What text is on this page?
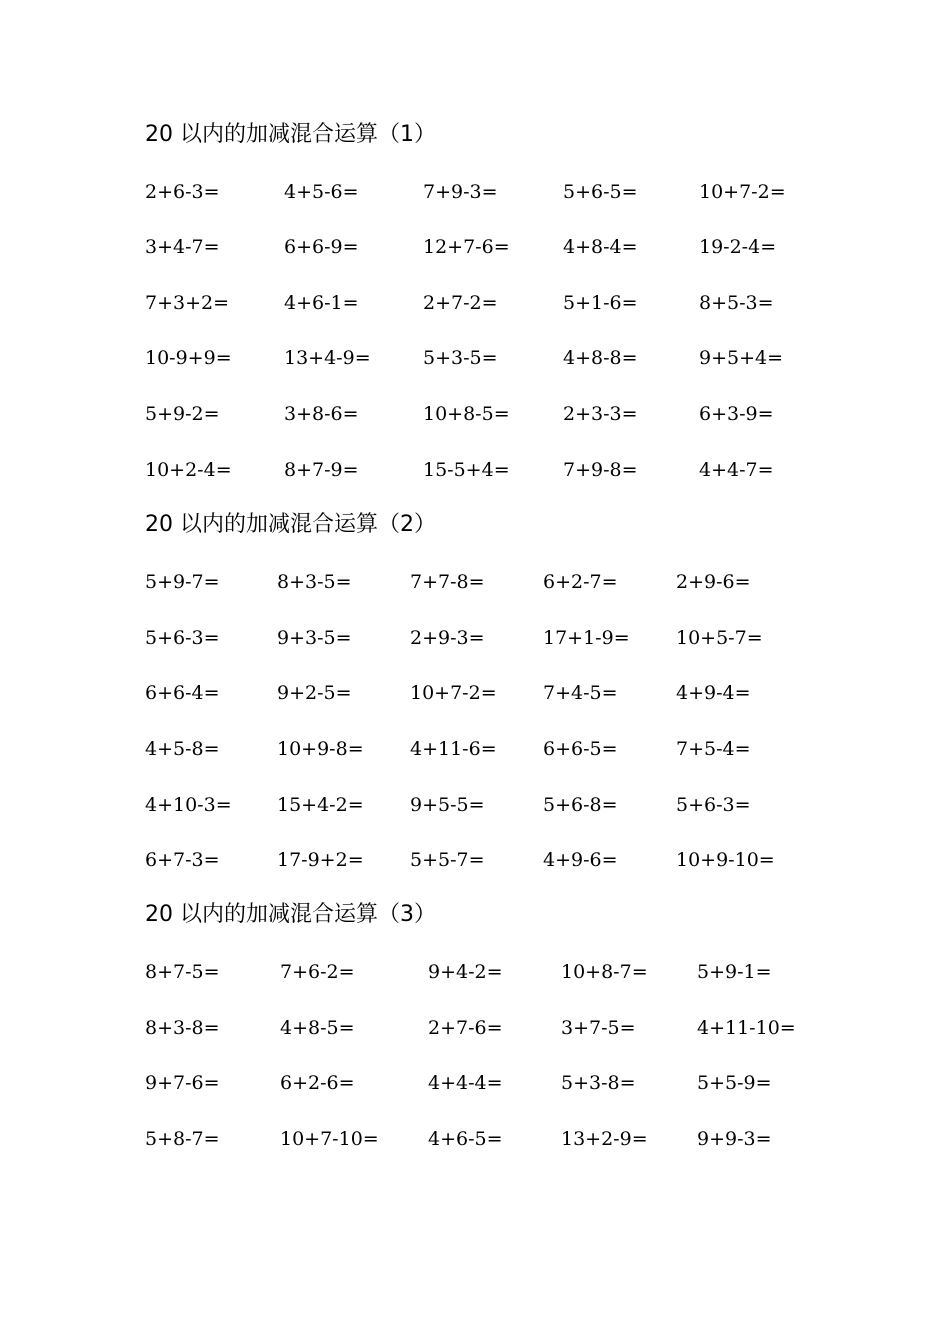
20 以内的加减混合运算（1）
2+6-3=	4+5-6=	7+9-3=	5+6-5=	10+7-2=
3+4-7=	6+6-9=	12+7-6=	4+8-4=	19-2-4=
7+3+2=	4+6-1=	2+7-2=	5+1-6=	8+5-3=
10-9+9=	13+4-9=	5+3-5=	4+8-8=	9+5+4=
5+9-2=	3+8-6=	10+8-5=	2+3-3=	6+3-9=
10+2-4=	8+7-9=	15-5+4=	7+9-8=	4+4-7=
20 以内的加减混合运算（2）
5+9-7=	8+3-5=	7+7-8=	6+2-7=	2+9-6=
5+6-3=	9+3-5=	2+9-3=	17+1-9= 10+5-7=
6+6-4=	9+2-5=	10+7-2= 7+4-5=	4+9-4=
4+5-8=	10+9-8= 4+11-6= 6+6-5=	7+5-4=
4+10-3= 15+4-2= 9+5-5=	5+6-8=	5+6-3=
6+7-3=	17-9+2= 5+5-7=	4+9-6=	10+9-10=
20 以内的加减混合运算（3）
8+7-5=	7+6-2=	9+4-2=	10+8-7=	5+9-1=
8+3-8=	4+8-5=	2+7-6=	3+7-5=	4+11-10=
9+7-6=	6+2-6=	4+4-4=	5+3-8=	5+5-9=
5+8-7=	10+7-10=	4+6-5=	13+2-9=	9+9-3=
